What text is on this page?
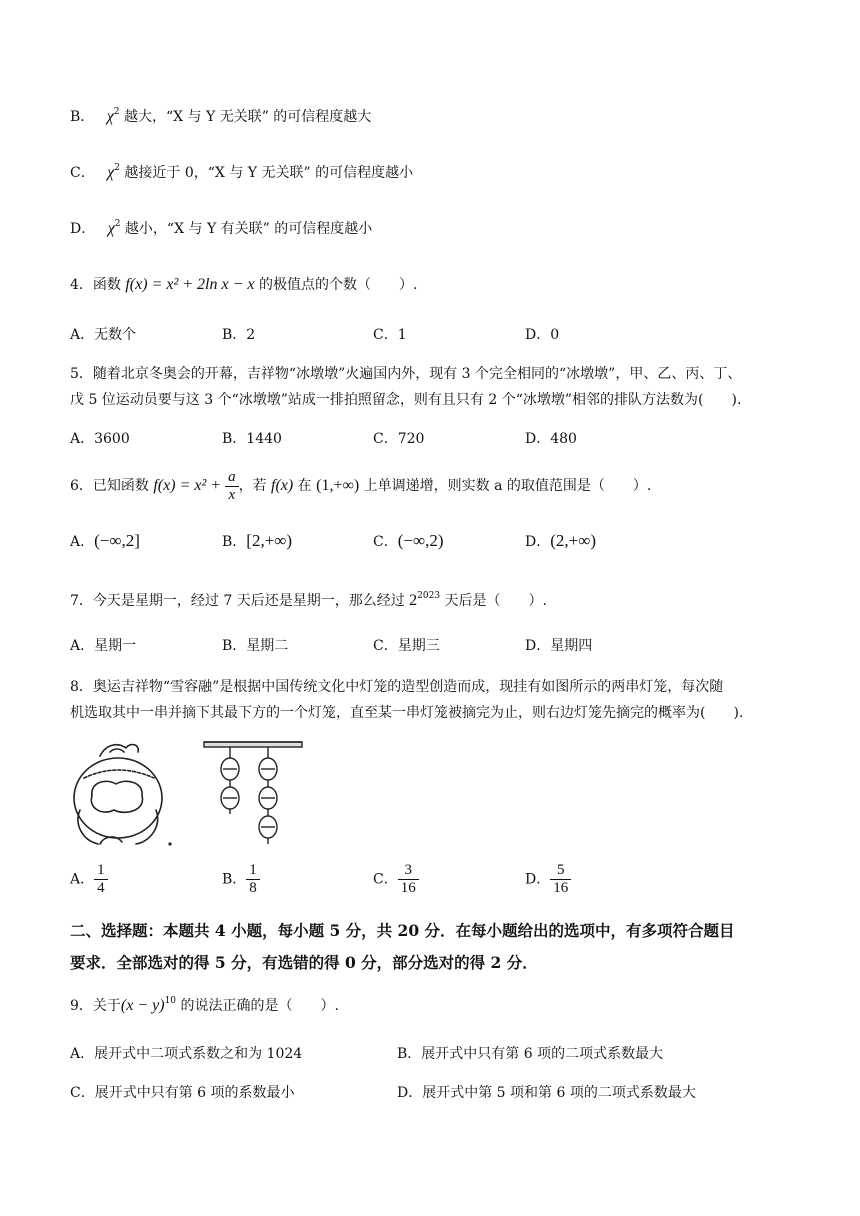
B． $\chi^2$ 越大，“X 与 Y 无关联” 的可信程度越大
C． $\chi^2$ 越接近于 0，“X 与 Y 无关联” 的可信程度越小
D． $\chi^2$ 越小，“X 与 Y 有关联” 的可信程度越小
4．函数 f(x) = x² + 2ln x − x 的极值点的个数（　　）.
A．无数个	B．2	C．1	D．0
5．随着北京冬奥会的开幕，吉祥物“冰墩墩”火遍国内外，现有 3 个完全相同的“冰墩墩”，甲、乙、丙、丁、
戊 5 位运动员要与这 3 个“冰墩墩”站成一排拍照留念，则有且只有 2 个“冰墩墩”相邻的排队方法数为(　　).
A．3600	B．1440	C．720	D．480
6．已知函数 $f(x) = x^2 + \frac{a}{x}$ ，若 f(x) 在 (1,+∞) 上单调递增，则实数 a 的取值范围是（　　）.
A．(−∞,2]	B．[2,+∞)	C．(−∞,2)	D．(2,+∞)
7．今天是星期一，经过 7 天后还是星期一，那么经过 $2^{2023}$ 天后是（　　）.
A．星期一	B．星期二	C．星期三	D．星期四
8．奥运吉祥物“雪容融”是根据中国传统文化中灯笼的造型创造而成，现挂有如图所示的两串灯笼，每次随
机选取其中一串并摘下其最下方的一个灯笼，直至某一串灯笼被摘完为止，则右边灯笼先摘完的概率为(　　).
A． $\frac{1}{4}$	B． $\frac{1}{8}$	C． $\frac{3}{16}$	D． $\frac{5}{16}$
二、选择题：本题共 4 小题，每小题 5 分，共 20 分．在每小题给出的选项中，有多项符合题目
要求．全部选对的得 5 分，有选错的得 0 分，部分选对的得 2 分．
9．关于$(x - y)^{10}$ 的说法正确的是（　　）.
A．展开式中二项式系数之和为 1024	B．展开式中只有第 6 项的二项式系数最大
C．展开式中只有第 6 项的系数最小	D．展开式中第 5 项和第 6 项的二项式系数最大
